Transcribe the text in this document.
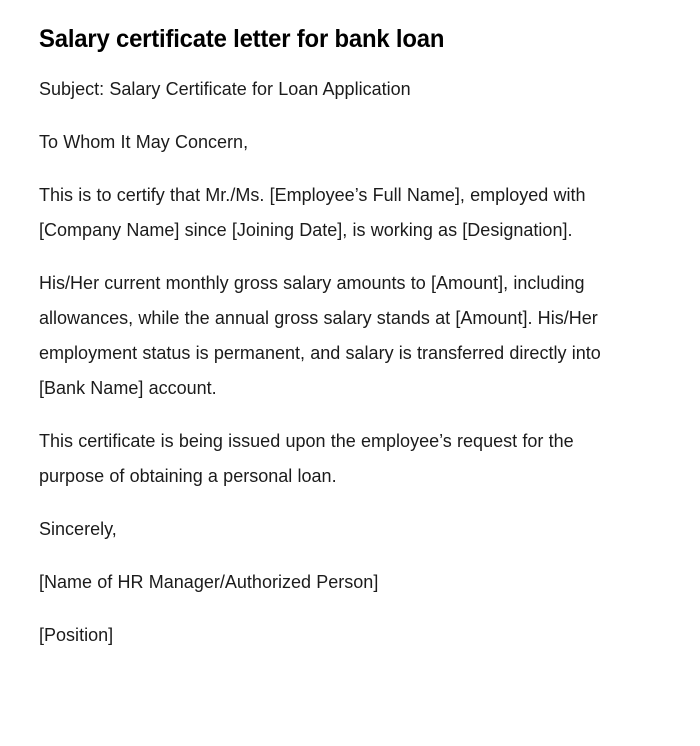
Salary certificate letter for bank loan

Subject: Salary Certificate for Loan Application

To Whom It May Concern,

This is to certify that Mr./Ms. [Employee’s Full Name], employed with [Company Name] since [Joining Date], is working as [Designation].

His/Her current monthly gross salary amounts to [Amount], including allowances, while the annual gross salary stands at [Amount]. His/Her employment status is permanent, and salary is transferred directly into [Bank Name] account.

This certificate is being issued upon the employee’s request for the purpose of obtaining a personal loan.

Sincerely,

[Name of HR Manager/Authorized Person]

[Position]
